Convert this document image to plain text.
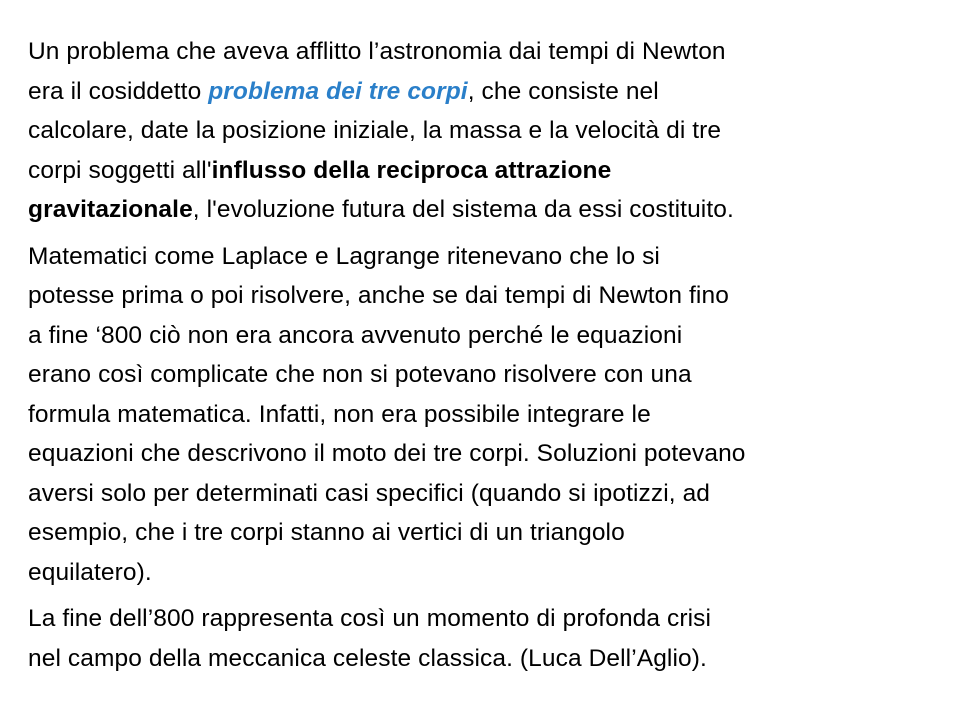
Un problema che aveva afflitto l’astronomia dai tempi di Newton
era il cosiddetto problema dei tre corpi, che consiste nel
calcolare, date la posizione iniziale, la massa e la velocità di tre
corpi soggetti all'influsso della reciproca attrazione
gravitazionale, l'evoluzione futura del sistema da essi costituito.

Matematici come Laplace e Lagrange ritenevano che lo si
potesse prima o poi risolvere, anche se dai tempi di Newton fino
a fine ‘800 ciò non era ancora avvenuto perché le equazioni
erano così complicate che non si potevano risolvere con una
formula matematica. Infatti, non era possibile integrare le
equazioni che descrivono il moto dei tre corpi. Soluzioni potevano
aversi solo per determinati casi specifici (quando si ipotizzi, ad
esempio, che i tre corpi stanno ai vertici di un triangolo
equilatero).

La fine dell’800 rappresenta così un momento di profonda crisi
nel campo della meccanica celeste classica. (Luca Dell’Aglio).
